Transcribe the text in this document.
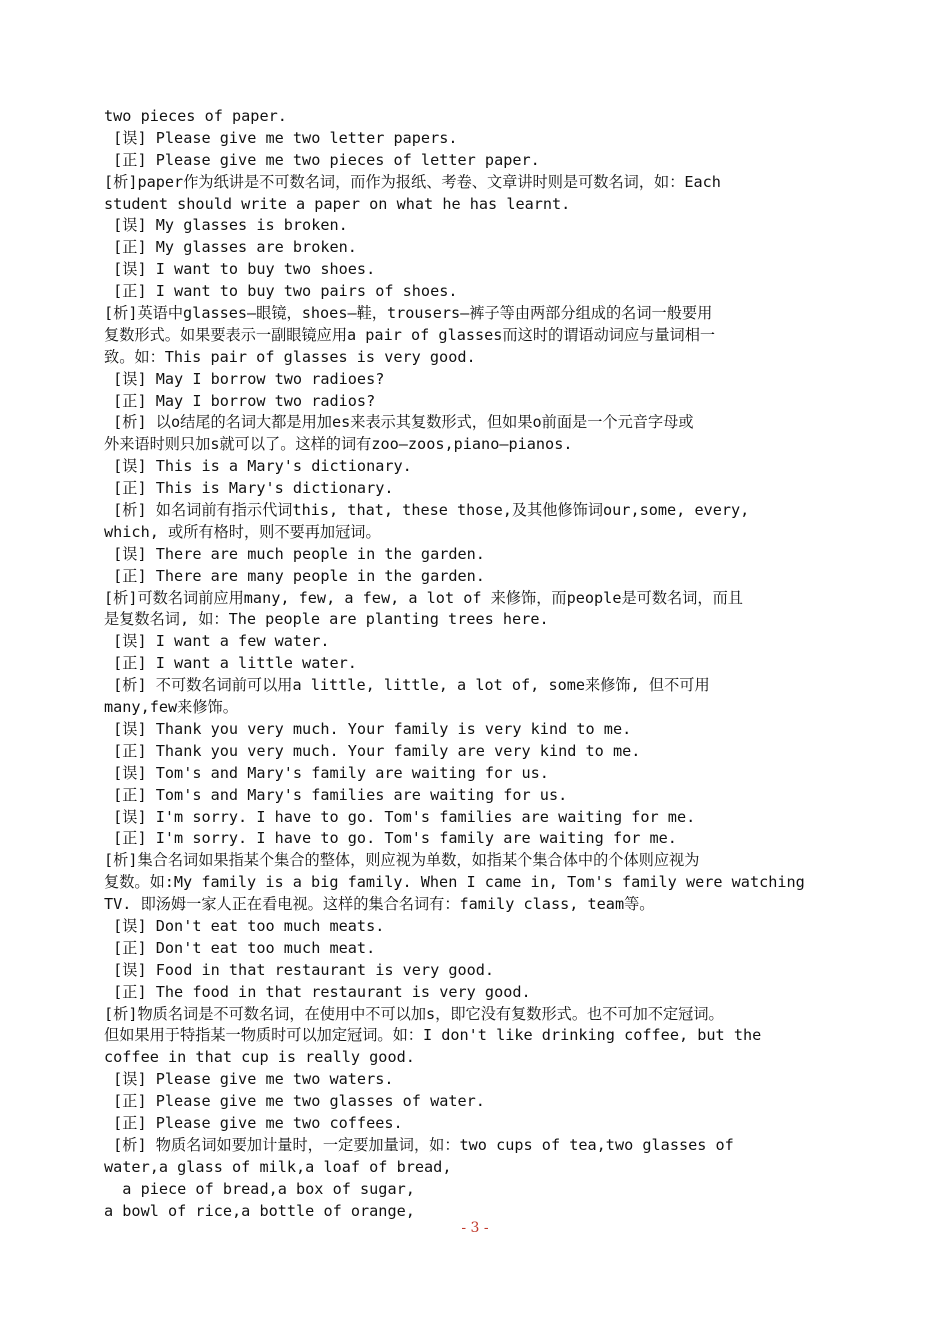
two pieces of paper.
[误] Please give me two letter papers.
[正] Please give me two pieces of letter paper.
[析]paper作为纸讲是不可数名词，而作为报纸、考卷、文章讲时则是可数名词，如：Each
student should write a paper on what he has learnt.
[误] My glasses is broken.
[正] My glasses are broken.
[误] I want to buy two shoes.
[正] I want to buy two pairs of shoes.
[析]英语中glasses—眼镜，shoes—鞋，trousers—裤子等由两部分组成的名词一般要用
复数形式。如果要表示一副眼镜应用a pair of glasses而这时的谓语动词应与量词相一
致。如：This pair of glasses is very good.
[误] May I borrow two radioes?
[正] May I borrow two radios?
[析] 以o结尾的名词大都是用加es来表示其复数形式，但如果o前面是一个元音字母或
外来语时则只加s就可以了。这样的词有zoo—zoos,piano—pianos.
[误] This is a Mary's dictionary.
[正] This is Mary's dictionary.
[析] 如名词前有指示代词this, that, these those,及其他修饰词our,some, every,
which, 或所有格时，则不要再加冠词。
[误] There are much people in the garden.
[正] There are many people in the garden.
[析]可数名词前应用many, few, a few, a lot of 来修饰，而people是可数名词，而且
是复数名词, 如：The people are planting trees here.
[误] I want a few water.
[正] I want a little water.
[析] 不可数名词前可以用a little, little, a lot of, some来修饰, 但不可用
many,few来修饰。
[误] Thank you very much. Your family is very kind to me.
[正] Thank you very much. Your family are very kind to me.
[误] Tom's and Mary's family are waiting for us.
[正] Tom's and Mary's families are waiting for us.
[误] I'm sorry. I have to go. Tom's families are waiting for me.
[正] I'm sorry. I have to go. Tom's family are waiting for me.
[析]集合名词如果指某个集合的整体，则应视为单数，如指某个集合体中的个体则应视为
复数。如:My family is a big family. When I came in, Tom's family were watching
TV. 即汤姆一家人正在看电视。这样的集合名词有：family class, team等。
[误] Don't eat too much meats.
[正] Don't eat too much meat.
[误] Food in that restaurant is very good.
[正] The food in that restaurant is very good.
[析]物质名词是不可数名词，在使用中不可以加s，即它没有复数形式。也不可加不定冠词。
但如果用于特指某一物质时可以加定冠词。如：I don't like drinking coffee, but the
coffee in that cup is really good.
[误] Please give me two waters.
[正] Please give me two glasses of water.
[正] Please give me two coffees.
[析] 物质名词如要加计量时，一定要加量词，如：two cups of tea,two glasses of
water,a glass of milk,a loaf of bread,
a piece of bread,a box of sugar,
a bowl of rice,a bottle of orange,
- 3 -
